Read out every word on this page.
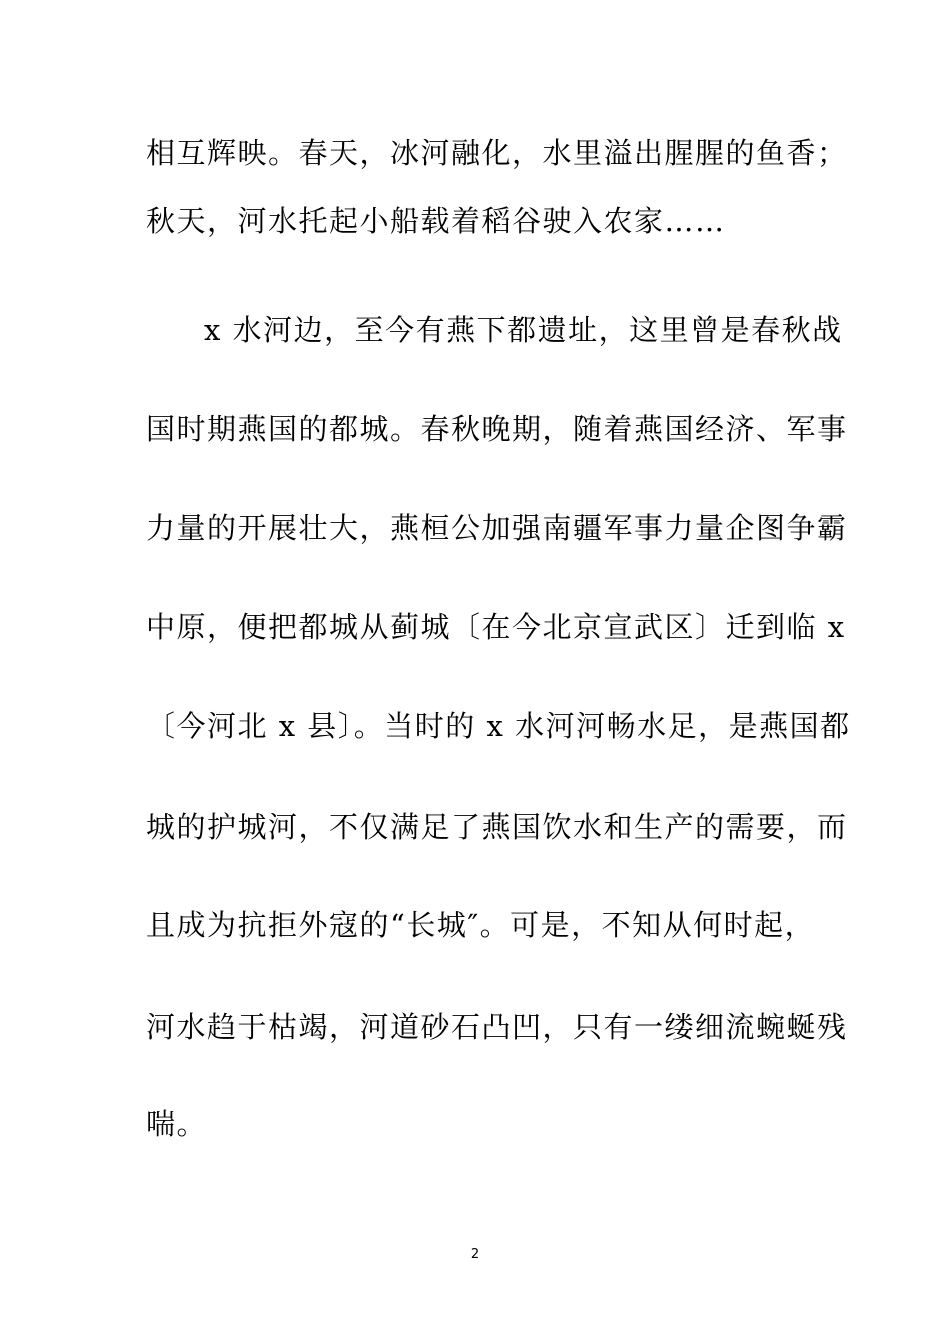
相互辉映。春天，冰河融化，水里溢出腥腥的鱼香；
秋天，河水托起小船载着稻谷驶入农家……
x 水河边，至今有燕下都遗址，这里曾是春秋战
国时期燕国的都城。春秋晚期，随着燕国经济、军事
力量的开展壮大，燕桓公加强南疆军事力量企图争霸
中原，便把都城从蓟城〔在今北京宣武区〕迁到临 x
〔今河北 x 县〕。当时的 x 水河河畅水足，是燕国都
城的护城河，不仅满足了燕国饮水和生产的需要，而
且成为抗拒外寇的“长城″。可是，不知从何时起，
河水趋于枯竭，河道砂石凸凹，只有一缕细流蜿蜒残
喘。
2
